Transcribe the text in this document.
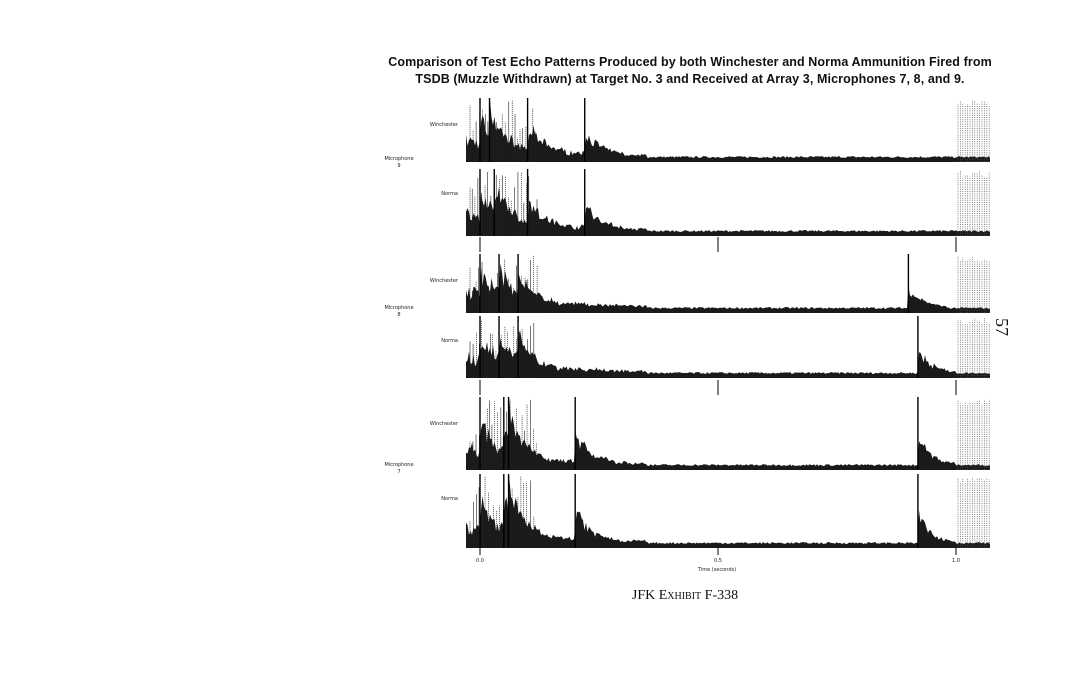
Comparison of Test Echo Patterns Produced by both Winchester and Norma Ammunition Fired from
TSDB (Muzzle Withdrawn) at Target No. 3 and Received at Array 3, Microphones 7, 8, and 9.
Winchester
Norma
Winchester
Norma
Winchester
Norma
Microphone
9
Microphone
8
Microphone
7
Time (seconds)
0.0	0.5	1.0
57
JFK Exhibit F-338
